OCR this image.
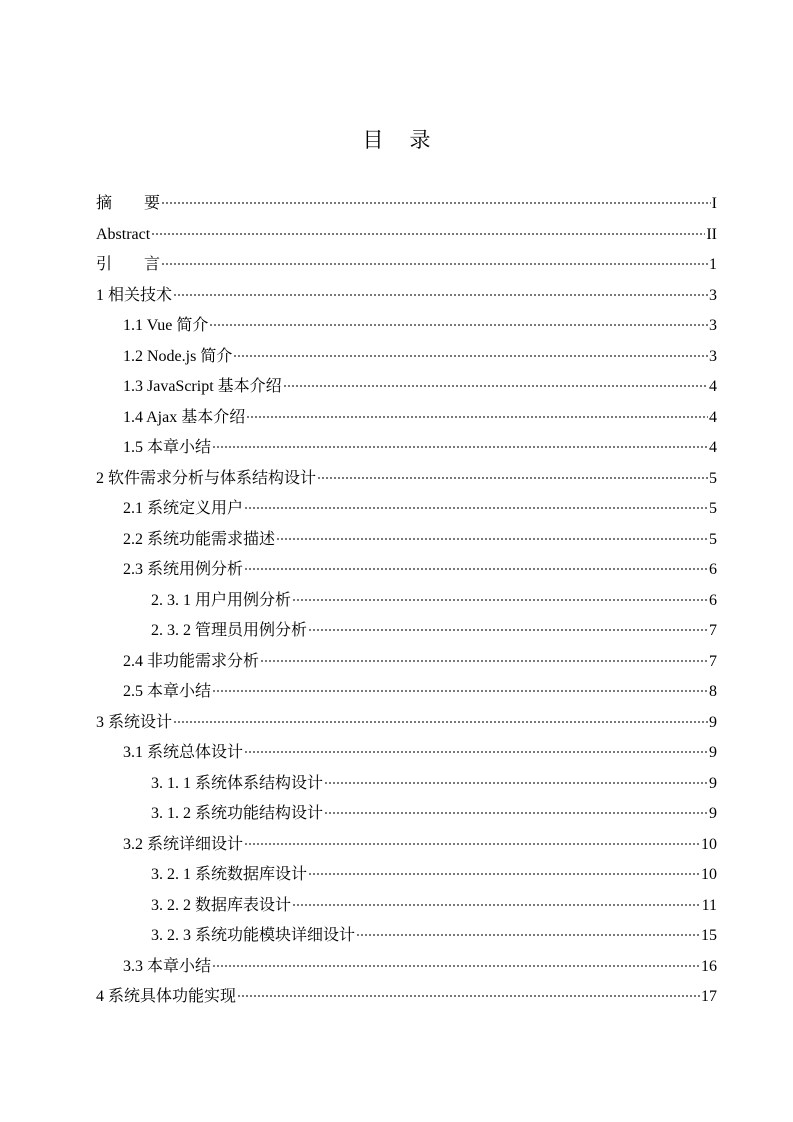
目 录
摘　　要	I
Abstract	II
引　　言	1
1 相关技术	3
1.1 Vue 简介	3
1.2 Node.js 简介	3
1.3 JavaScript 基本介绍	4
1.4 Ajax 基本介绍	4
1.5 本章小结	4
2 软件需求分析与体系结构设计	5
2.1 系统定义用户	5
2.2 系统功能需求描述	5
2.3 系统用例分析	6
2. 3. 1 用户用例分析	6
2. 3. 2 管理员用例分析	7
2.4 非功能需求分析	7
2.5 本章小结	8
3 系统设计	9
3.1 系统总体设计	9
3. 1. 1 系统体系结构设计	9
3. 1. 2 系统功能结构设计	9
3.2 系统详细设计	10
3. 2. 1 系统数据库设计	10
3. 2. 2 数据库表设计	11
3. 2. 3 系统功能模块详细设计	15
3.3 本章小结	16
4 系统具体功能实现	17
